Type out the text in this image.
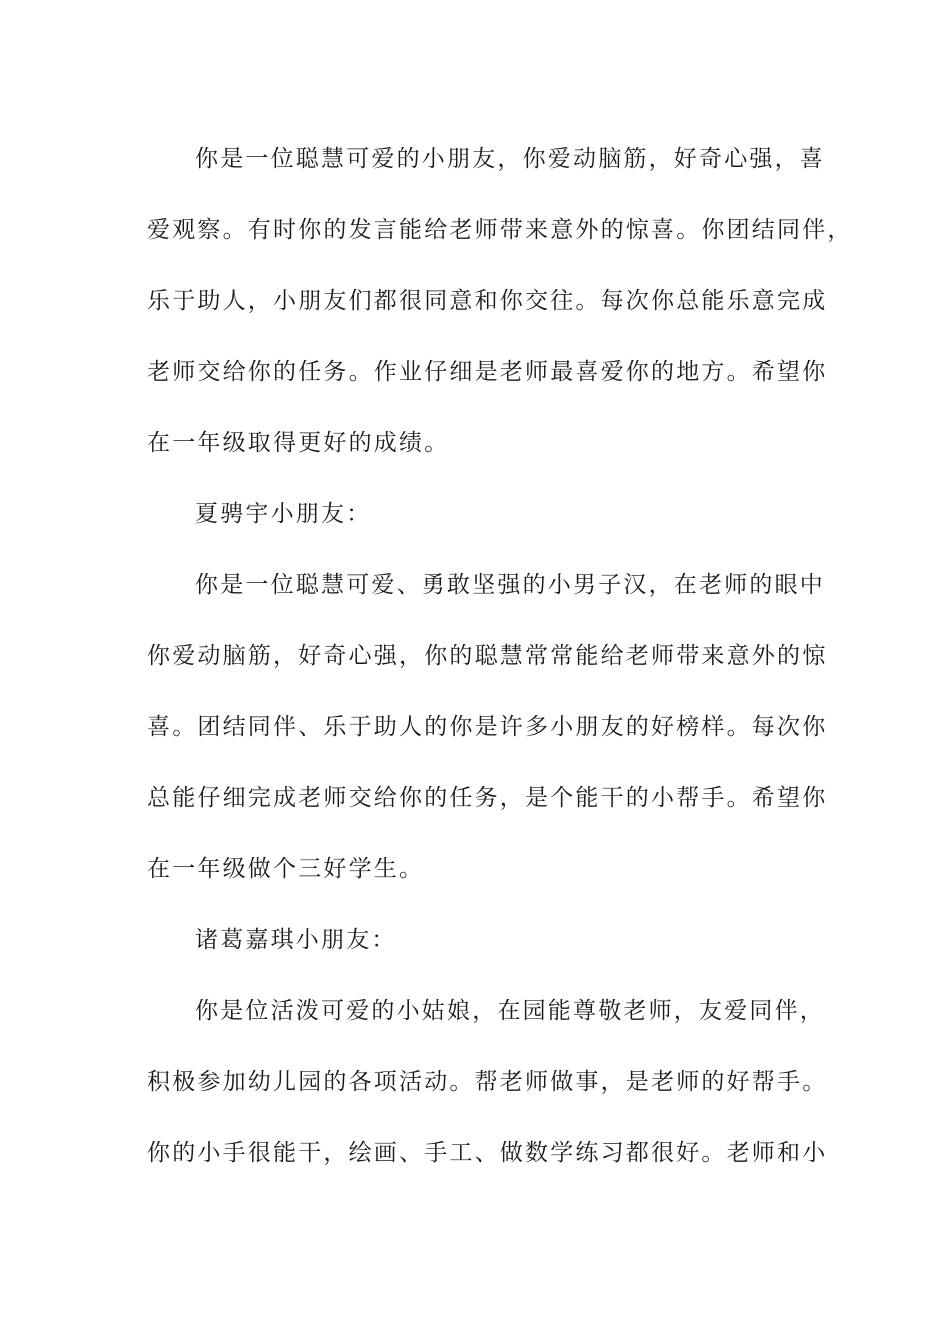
你是一位聪慧可爱的小朋友，你爱动脑筋，好奇心强，喜
爱观察。有时你的发言能给老师带来意外的惊喜。你团结同伴，
乐于助人，小朋友们都很同意和你交往。每次你总能乐意完成
老师交给你的任务。作业仔细是老师最喜爱你的地方。希望你
在一年级取得更好的成绩。
夏骋宇小朋友：
你是一位聪慧可爱、勇敢坚强的小男子汉，在老师的眼中
你爱动脑筋，好奇心强，你的聪慧常常能给老师带来意外的惊
喜。团结同伴、乐于助人的你是许多小朋友的好榜样。每次你
总能仔细完成老师交给你的任务，是个能干的小帮手。希望你
在一年级做个三好学生。
诸葛嘉琪小朋友：
你是位活泼可爱的小姑娘，在园能尊敬老师，友爱同伴，
积极参加幼儿园的各项活动。帮老师做事，是老师的好帮手。
你的小手很能干，绘画、手工、做数学练习都很好。老师和小
